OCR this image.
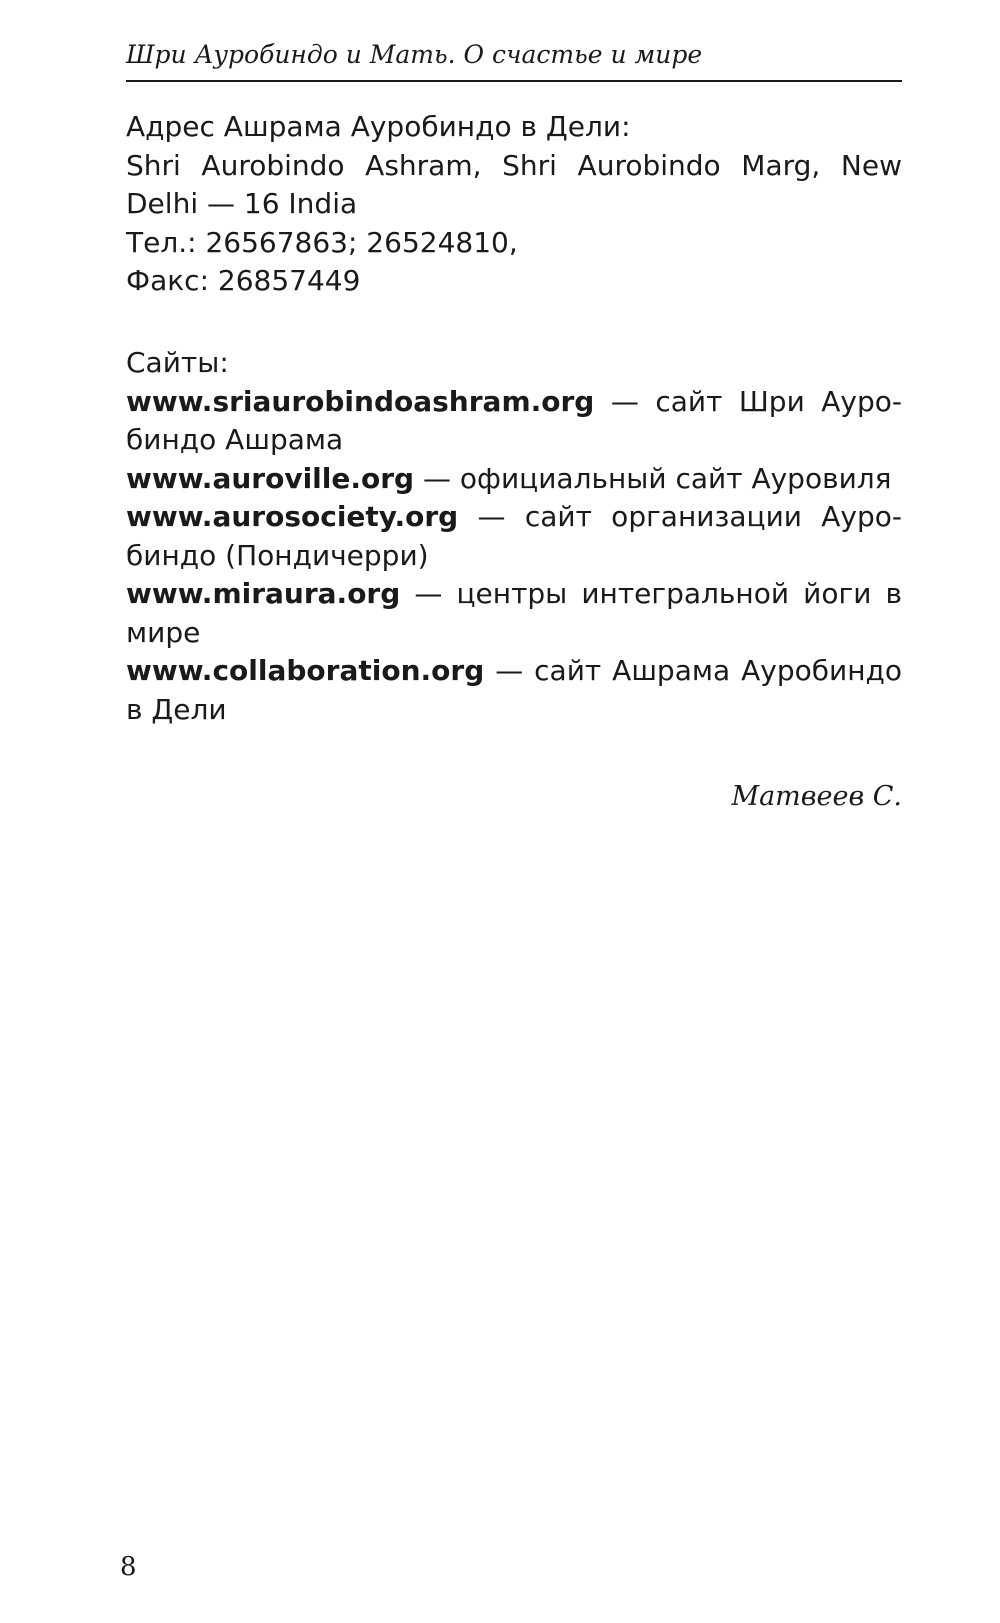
Шри Ауробиндо и Мать. О счастье и мире
Адрес Ашрама Ауробиндо в Дели:
Shri Aurobindo Ashram, Shri Aurobindo Marg, New
Delhi — 16 India
Тел.: 26567863; 26524810,
Факс: 26857449
Сайты:
www.sriaurobindoashram.org — сайт Шри Ауро-
биндо Ашрама
www.auroville.org — официальный сайт Ауровиля
www.aurosociety.org — сайт организации Ауро-
биндо (Пондичерри)
www.miraura.org — центры интегральной йоги в
мире
www.collaboration.org — сайт Ашрама Ауробиндо
в Дели
Матвеев С.
8
